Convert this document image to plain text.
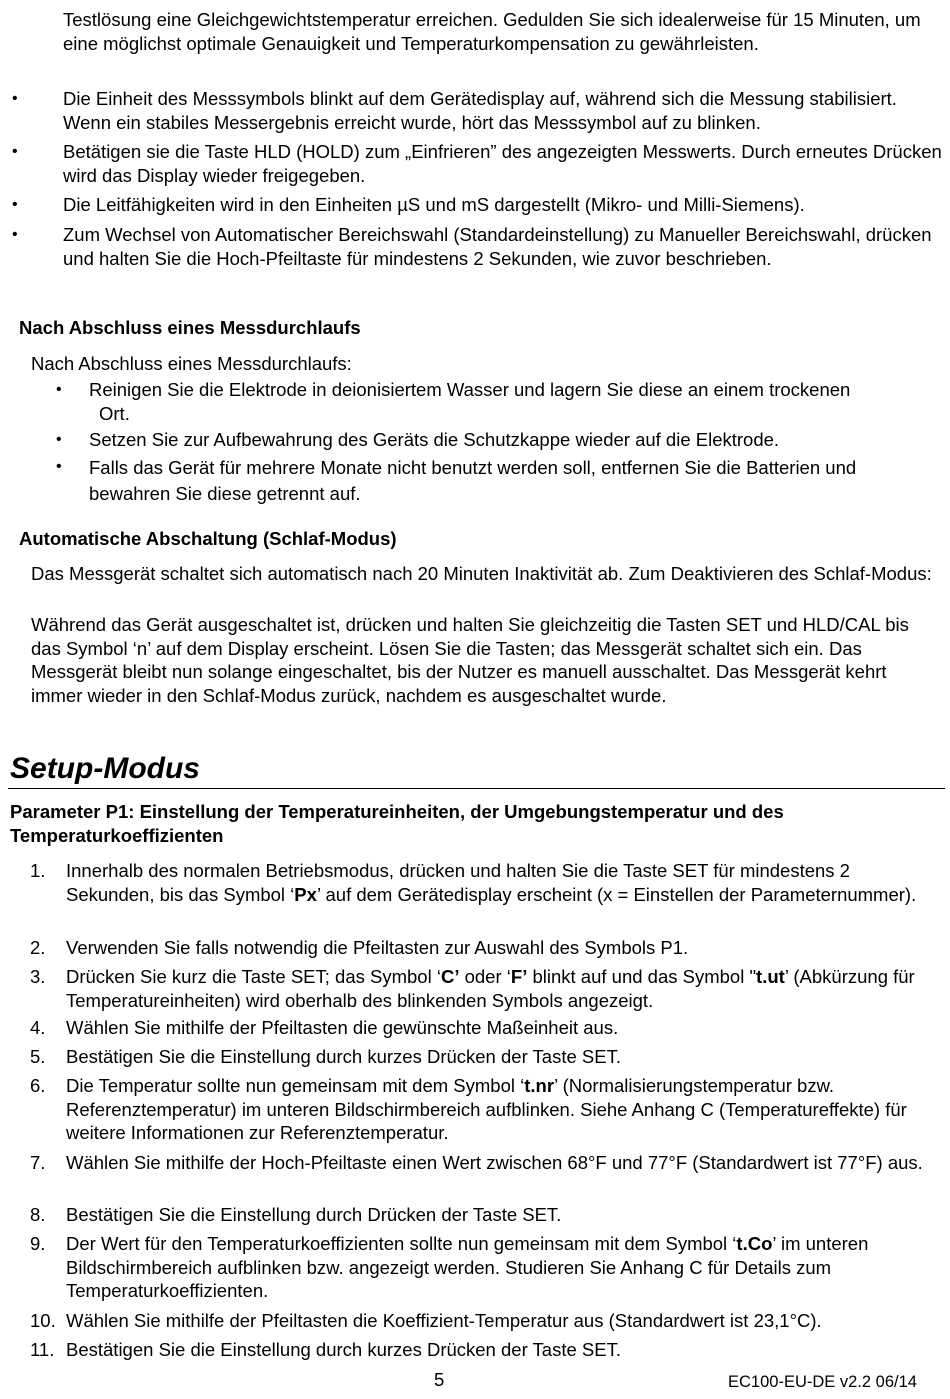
Testlösung eine Gleichgewichtstemperatur erreichen. Gedulden Sie sich idealerweise für 15 Minuten, um eine möglichst optimale Genauigkeit und Temperaturkompensation zu gewährleisten.

•	Die Einheit des Messsymbols blinkt auf dem Gerätedisplay auf, während sich die Messung stabilisiert. Wenn ein stabiles Messergebnis erreicht wurde, hört das Messsymbol auf zu blinken.

•	Betätigen sie die Taste HLD (HOLD) zum „Einfrieren” des angezeigten Messwerts. Durch erneutes Drücken wird das Display wieder freigegeben.

•	Die Leitfähigkeiten wird in den Einheiten µS und mS dargestellt (Mikro- und Milli-Siemens).

•	Zum Wechsel von Automatischer Bereichswahl (Standardeinstellung) zu Manueller Bereichswahl, drücken und halten Sie die Hoch-Pfeiltaste für mindestens 2 Sekunden, wie zuvor beschrieben.

Nach Abschluss eines Messdurchlaufs

Nach Abschluss eines Messdurchlaufs:

•	Reinigen Sie die Elektrode in deionisiertem Wasser und lagern Sie diese an einem trockenen
Ort.

•	Setzen Sie zur Aufbewahrung des Geräts die Schutzkappe wieder auf die Elektrode.

•	Falls das Gerät für mehrere Monate nicht benutzt werden soll, entfernen Sie die Batterien und
bewahren Sie diese getrennt auf.

Automatische Abschaltung (Schlaf-Modus)

Das Messgerät schaltet sich automatisch nach 20 Minuten Inaktivität ab. Zum Deaktivieren des Schlaf-Modus:

Während das Gerät ausgeschaltet ist, drücken und halten Sie gleichzeitig die Tasten SET und HLD/CAL bis das Symbol ‘n’ auf dem Display erscheint. Lösen Sie die Tasten; das Messgerät schaltet sich ein. Das Messgerät bleibt nun solange eingeschaltet, bis der Nutzer es manuell ausschaltet. Das Messgerät kehrt immer wieder in den Schlaf-Modus zurück, nachdem es ausgeschaltet wurde.

Setup-Modus

Parameter P1: Einstellung der Temperatureinheiten, der Umgebungstemperatur und des Temperaturkoeffizienten

1.	Innerhalb des normalen Betriebsmodus, drücken und halten Sie die Taste SET für mindestens 2 Sekunden, bis das Symbol ‘Px’ auf dem Gerätedisplay erscheint (x = Einstellen der Parameternummer).

2.	Verwenden Sie falls notwendig die Pfeiltasten zur Auswahl des Symbols P1.

3.	Drücken Sie kurz die Taste SET; das Symbol ‘C’ oder ‘F’ blinkt auf und das Symbol "t.ut’ (Abkürzung für Temperatureinheiten) wird oberhalb des blinkenden Symbols angezeigt.

4.	Wählen Sie mithilfe der Pfeiltasten die gewünschte Maßeinheit aus.

5.	Bestätigen Sie die Einstellung durch kurzes Drücken der Taste SET.

6.	Die Temperatur sollte nun gemeinsam mit dem Symbol ‘t.nr’ (Normalisierungstemperatur bzw. Referenztemperatur) im unteren Bildschirmbereich aufblinken. Siehe Anhang C (Temperatureffekte) für weitere Informationen zur Referenztemperatur.

7.	Wählen Sie mithilfe der Hoch-Pfeiltaste einen Wert zwischen 68°F und 77°F (Standardwert ist 77°F) aus.

8.	Bestätigen Sie die Einstellung durch Drücken der Taste SET.

9.	Der Wert für den Temperaturkoeffizienten sollte nun gemeinsam mit dem Symbol ‘t.Co’ im unteren Bildschirmbereich aufblinken bzw. angezeigt werden. Studieren Sie Anhang C für Details zum Temperaturkoeffizienten.

10. Wählen Sie mithilfe der Pfeiltasten die Koeffizient-Temperatur aus (Standardwert ist 23,1°C).

11. Bestätigen Sie die Einstellung durch kurzes Drücken der Taste SET.

5	EC100-EU-DE v2.2 06/14
